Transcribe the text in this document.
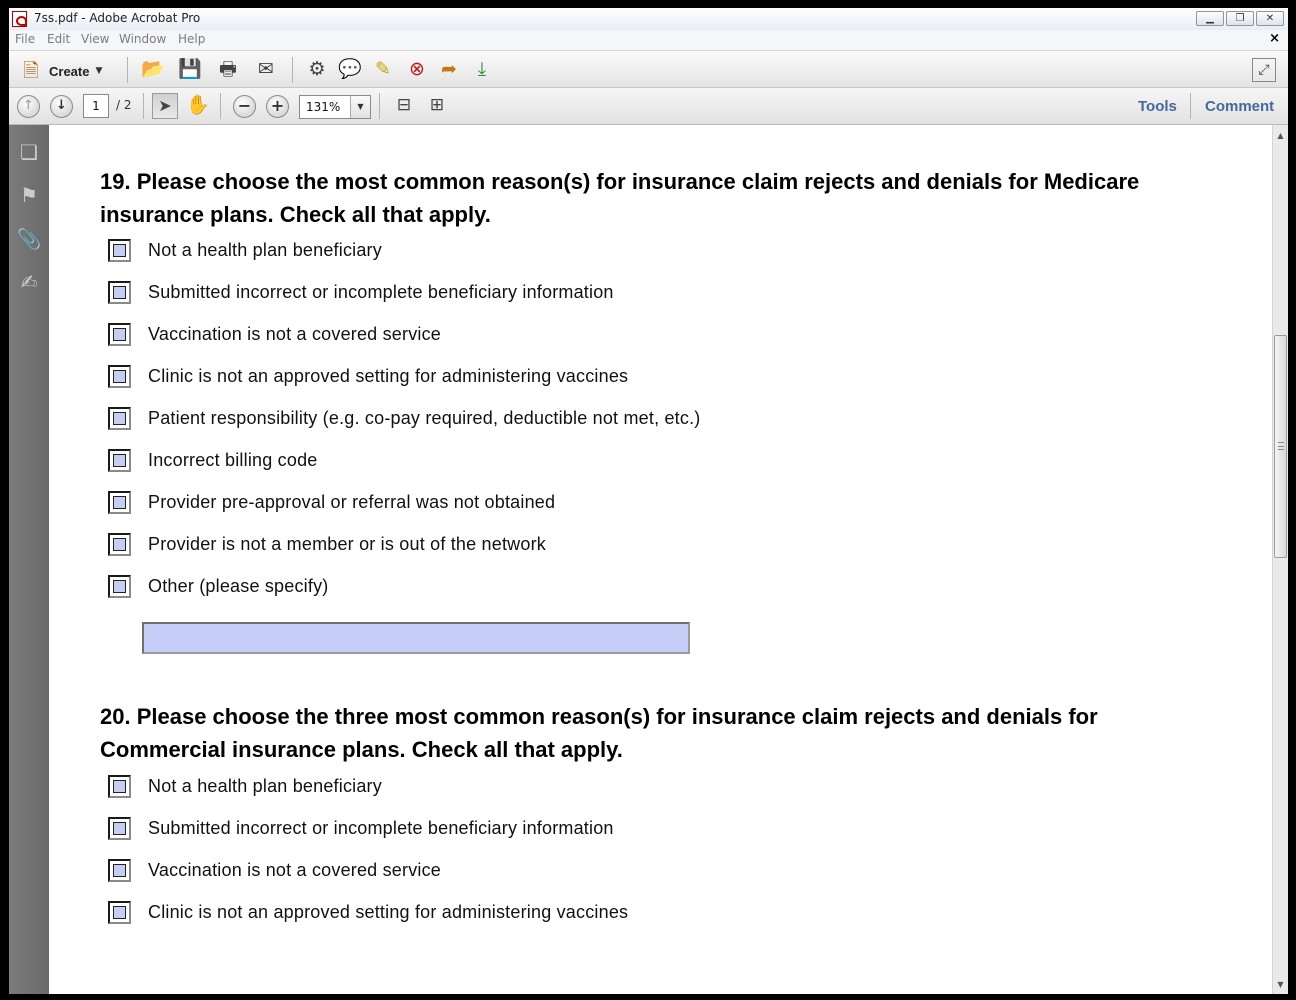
7ss.pdf - Adobe Acrobat Pro	▁	❐	✕
File Edit View Window Help	×
🗎 Create ▼ 📂 💾 🖶 ✉ ⚙ 💬 ✎ ⊗ ➦	⤓	⤢
↑	↓	1	/ 2	➤ ✋ − +	131%	▼	⊟	⊞	Tools Comment
❏
⚑
📎
✍
19. Please choose the most common reason(s) for insurance claim rejects and denials for Medicare insurance plans. Check all that apply.
Not a health plan beneficiary
Submitted incorrect or incomplete beneficiary information
Vaccination is not a covered service
Clinic is not an approved setting for administering vaccines
Patient responsibility (e.g. co-pay required, deductible not met, etc.)
Incorrect billing code
Provider pre-approval or referral was not obtained
Provider is not a member or is out of the network
Other (please specify)
20. Please choose the three most common reason(s) for insurance claim rejects and denials for Commercial insurance plans. Check all that apply.
Not a health plan beneficiary
Submitted incorrect or incomplete beneficiary information
Vaccination is not a covered service
Clinic is not an approved setting for administering vaccines
▲
▼
